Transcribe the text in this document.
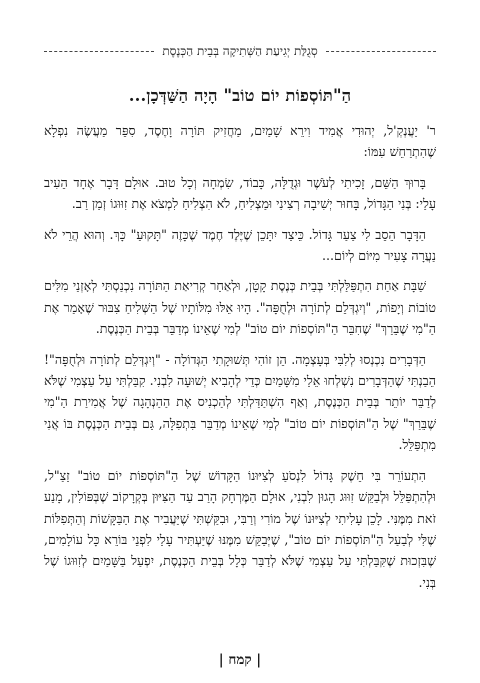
סְגֻלַּת יְגִיעַת הַשְּׁתִיקָה בְּבֵית הַכְּנֶסֶת
הַ"תּוֹסְפוֹת יוֹם טוֹב" הָיָה הַשַּׁדְּכָן...

ר' יַעֲנְקְ'ל, יְהוּדִי אֲמִיד וִירֵא שָׁמַיִם, מַחֲזִיק תּוֹרָה וָחֶסֶד, סִפֵּר מַעֲשֶׂה נִפְלָא שֶׁהִתְרַחֵשׁ עִמּוֹ:

בָּרוּךְ הַשֵּׁם, זָכִיתִי לְעֹשֶׁר וּגְדֻלָּה, כָּבוֹד, שִׂמְחָה וְכָל טוּב. אוּלָם דָּבָר אֶחָד הֵעִיב עָלַי: בְּנִי הַגָּדוֹל, בָּחוּר יְשִׁיבָה רְצִינִי וּמַצְלִיחַ, לֹא הִצְלִיחַ לִמְצֹא אֶת זִוּוּגוֹ זְמַן רַב.

הַדָּבָר הֵסֵב לִי צַעַר גָּדוֹל. כֵּיצַד יִתָּכֵן שֶׁיֶּלֶד חֶמֶד שֶׁכָּזֶה "תָּקוּעַ" כָּךְ. וְהוּא הֲרֵי לֹא נַעֲרָה צָעִיר מִיּוֹם לְיוֹם...

שַׁבָּת אַחַת הִתְפַּלַּלְתִּי בְּבֵית כְּנֶסֶת קָטָן, וּלְאַחַר קְרִיאַת הַתּוֹרָה נִכְנַסְתִּי לְאָזְנַי מִלִּים טוֹבוֹת וְיָפוֹת, "וְיִגְדְּלֵם לְתוֹרָה וּלְחֻפָּה". הָיוּ אֵלּוּ מִלּוֹתָיו שֶׁל הַשְּׁלִיחַ צִבּוּר שֶׁאָמַר אֶת הַ"מִי שֶׁבֵּרַךְ" שֶׁחִבֵּר הַ"תּוֹסְפוֹת יוֹם טוֹב" לְמִי שֶׁאֵינוֹ מְדַבֵּר בְּבֵית הַכְּנֶסֶת.

הַדְּבָרִים נִכְנְסוּ לְלִבִּי בְּעָצְמָה. הֵן זוֹהִי תְּשׁוּקָתִי הַגְּדוֹלָה - "וְיִגְדְּלֵם לְתוֹרָה וּלְחֻפָּה"! הֵבַנְתִּי שֶׁהַדְּבָרִים נִשְׁלְחוּ אֵלַי מִשָּׁמַיִם כְּדֵי לְהָבִיא יְשׁוּעָה לִבְנִי. קִבַּלְתִּי עַל עַצְמִי שֶׁלֹּא לְדַבֵּר יוֹתֵר בְּבֵית הַכְּנֶסֶת, וְאַף הִשְׁתַּדַּלְתִּי לְהַכְנִיס אֶת הַהַנְהָגָה שֶׁל אֲמִירַת הַ"מִי שֶׁבֵּרַךְ" שֶׁל הַ"תּוֹסְפוֹת יוֹם טוֹב" לְמִי שֶׁאֵינוֹ מְדַבֵּר בִּתְפִלָּה, גַּם בְּבֵית הַכְּנֶסֶת בּוֹ אֲנִי מִתְפַּלֵּל.

הִתְעוֹרֵר בִּי חֵשֶׁק גָּדוֹל לִנְסֹעַ לְצִיּוּנוֹ הַקָּדוֹשׁ שֶׁל הַ"תּוֹסְפוֹת יוֹם טוֹב" זַצַ"ל, וּלְהִתְפַּלֵּל וּלְבַקֵּשׁ זִוּוּג הָגוּן לִבְנִי, אוּלָם הַמֶּרְחָק הָרַב עַד הַצִּיּוּן בְּקְרָקוֹב שֶׁבְּפּוֹלִין, מָנַע זֹאת מִמֶּנִּי. לָכֵן עָלִיתִי לְצִיּוּנוֹ שֶׁל מוֹרִי וְרַבִּי, וּבִקַּשְׁתִּי שֶׁיַּעֲבִיר אֶת הַבַּקָּשׁוֹת וְהַתְּפִלּוֹת שֶׁלִּי לְבַעַל הַ"תּוֹסְפוֹת יוֹם טוֹב", שֶׁיְּבַקֵּשׁ מִמֶּנּוּ שֶׁיַּעְתִּיר עָלַי לִפְנֵי בּוֹרֵא כָּל עוֹלָמִים, שֶׁבִּזְכוּת שֶׁקִּבַּלְתִּי עַל עַצְמִי שֶׁלֹּא לְדַבֵּר כְּלָל בְּבֵית הַכְּנֶסֶת, יִפְעַל בַּשָּׁמַיִם לְזִוּוּגוֹ שֶׁל בְּנִי.

| קמח |
